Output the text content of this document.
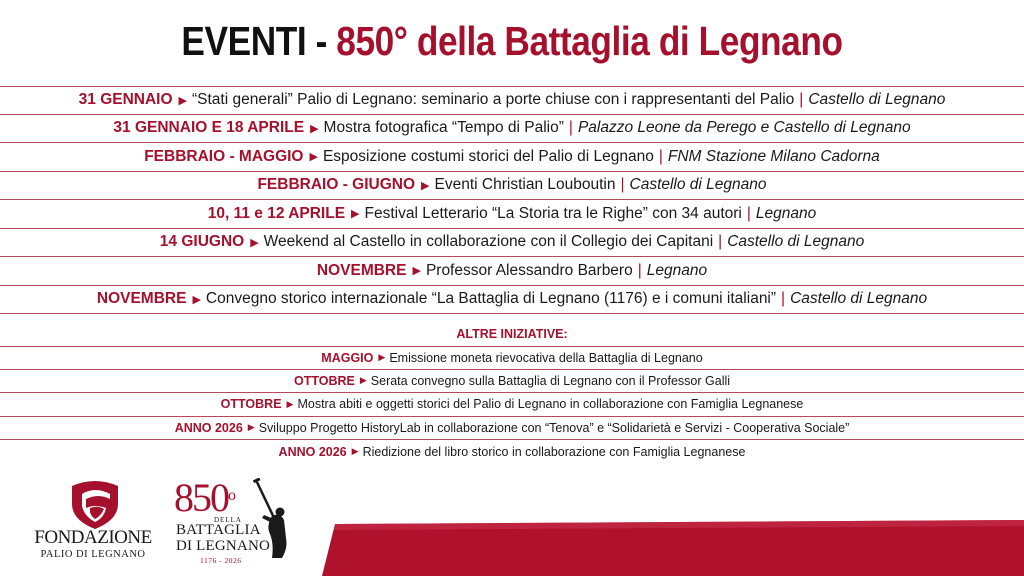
EVENTI - 850° della Battaglia di Legnano
31 GENNAIO ▶ “Stati generali” Palio di Legnano: seminario a porte chiuse con i rappresentanti del Palio | Castello di Legnano
31 GENNAIO E 18 APRILE ▶ Mostra fotografica “Tempo di Palio” | Palazzo Leone da Perego e Castello di Legnano
FEBBRAIO - MAGGIO ▶ Esposizione costumi storici del Palio di Legnano | FNM Stazione Milano Cadorna
FEBBRAIO - GIUGNO ▶ Eventi Christian Louboutin | Castello di Legnano
10, 11 e 12 APRILE ▶ Festival Letterario “La Storia tra le Righe” con 34 autori | Legnano
14 GIUGNO ▶ Weekend al Castello in collaborazione con il Collegio dei Capitani | Castello di Legnano
NOVEMBRE ▶ Professor Alessandro Barbero | Legnano
NOVEMBRE ▶ Convegno storico internazionale “La Battaglia di Legnano (1176) e i comuni italiani” | Castello di Legnano
ALTRE INIZIATIVE:
MAGGIO ▶ Emissione moneta rievocativa della Battaglia di Legnano
OTTOBRE ▶ Serata convegno sulla Battaglia di Legnano con il Professor Galli
OTTOBRE ▶ Mostra abiti e oggetti storici del Palio di Legnano in collaborazione con Famiglia Legnanese
ANNO 2026 ▶ Sviluppo Progetto HistoryLab in collaborazione con “Tenova” e “Solidarietà e Servizi - Cooperativa Sociale”
ANNO 2026 ▶ Riedizione del libro storico in collaborazione con Famiglia Legnanese
FONDAZIONE
PALIO DI LEGNANO
850$^o$
DELLA
BATTAGLIA
DI LEGNANO
1176 - 2026
